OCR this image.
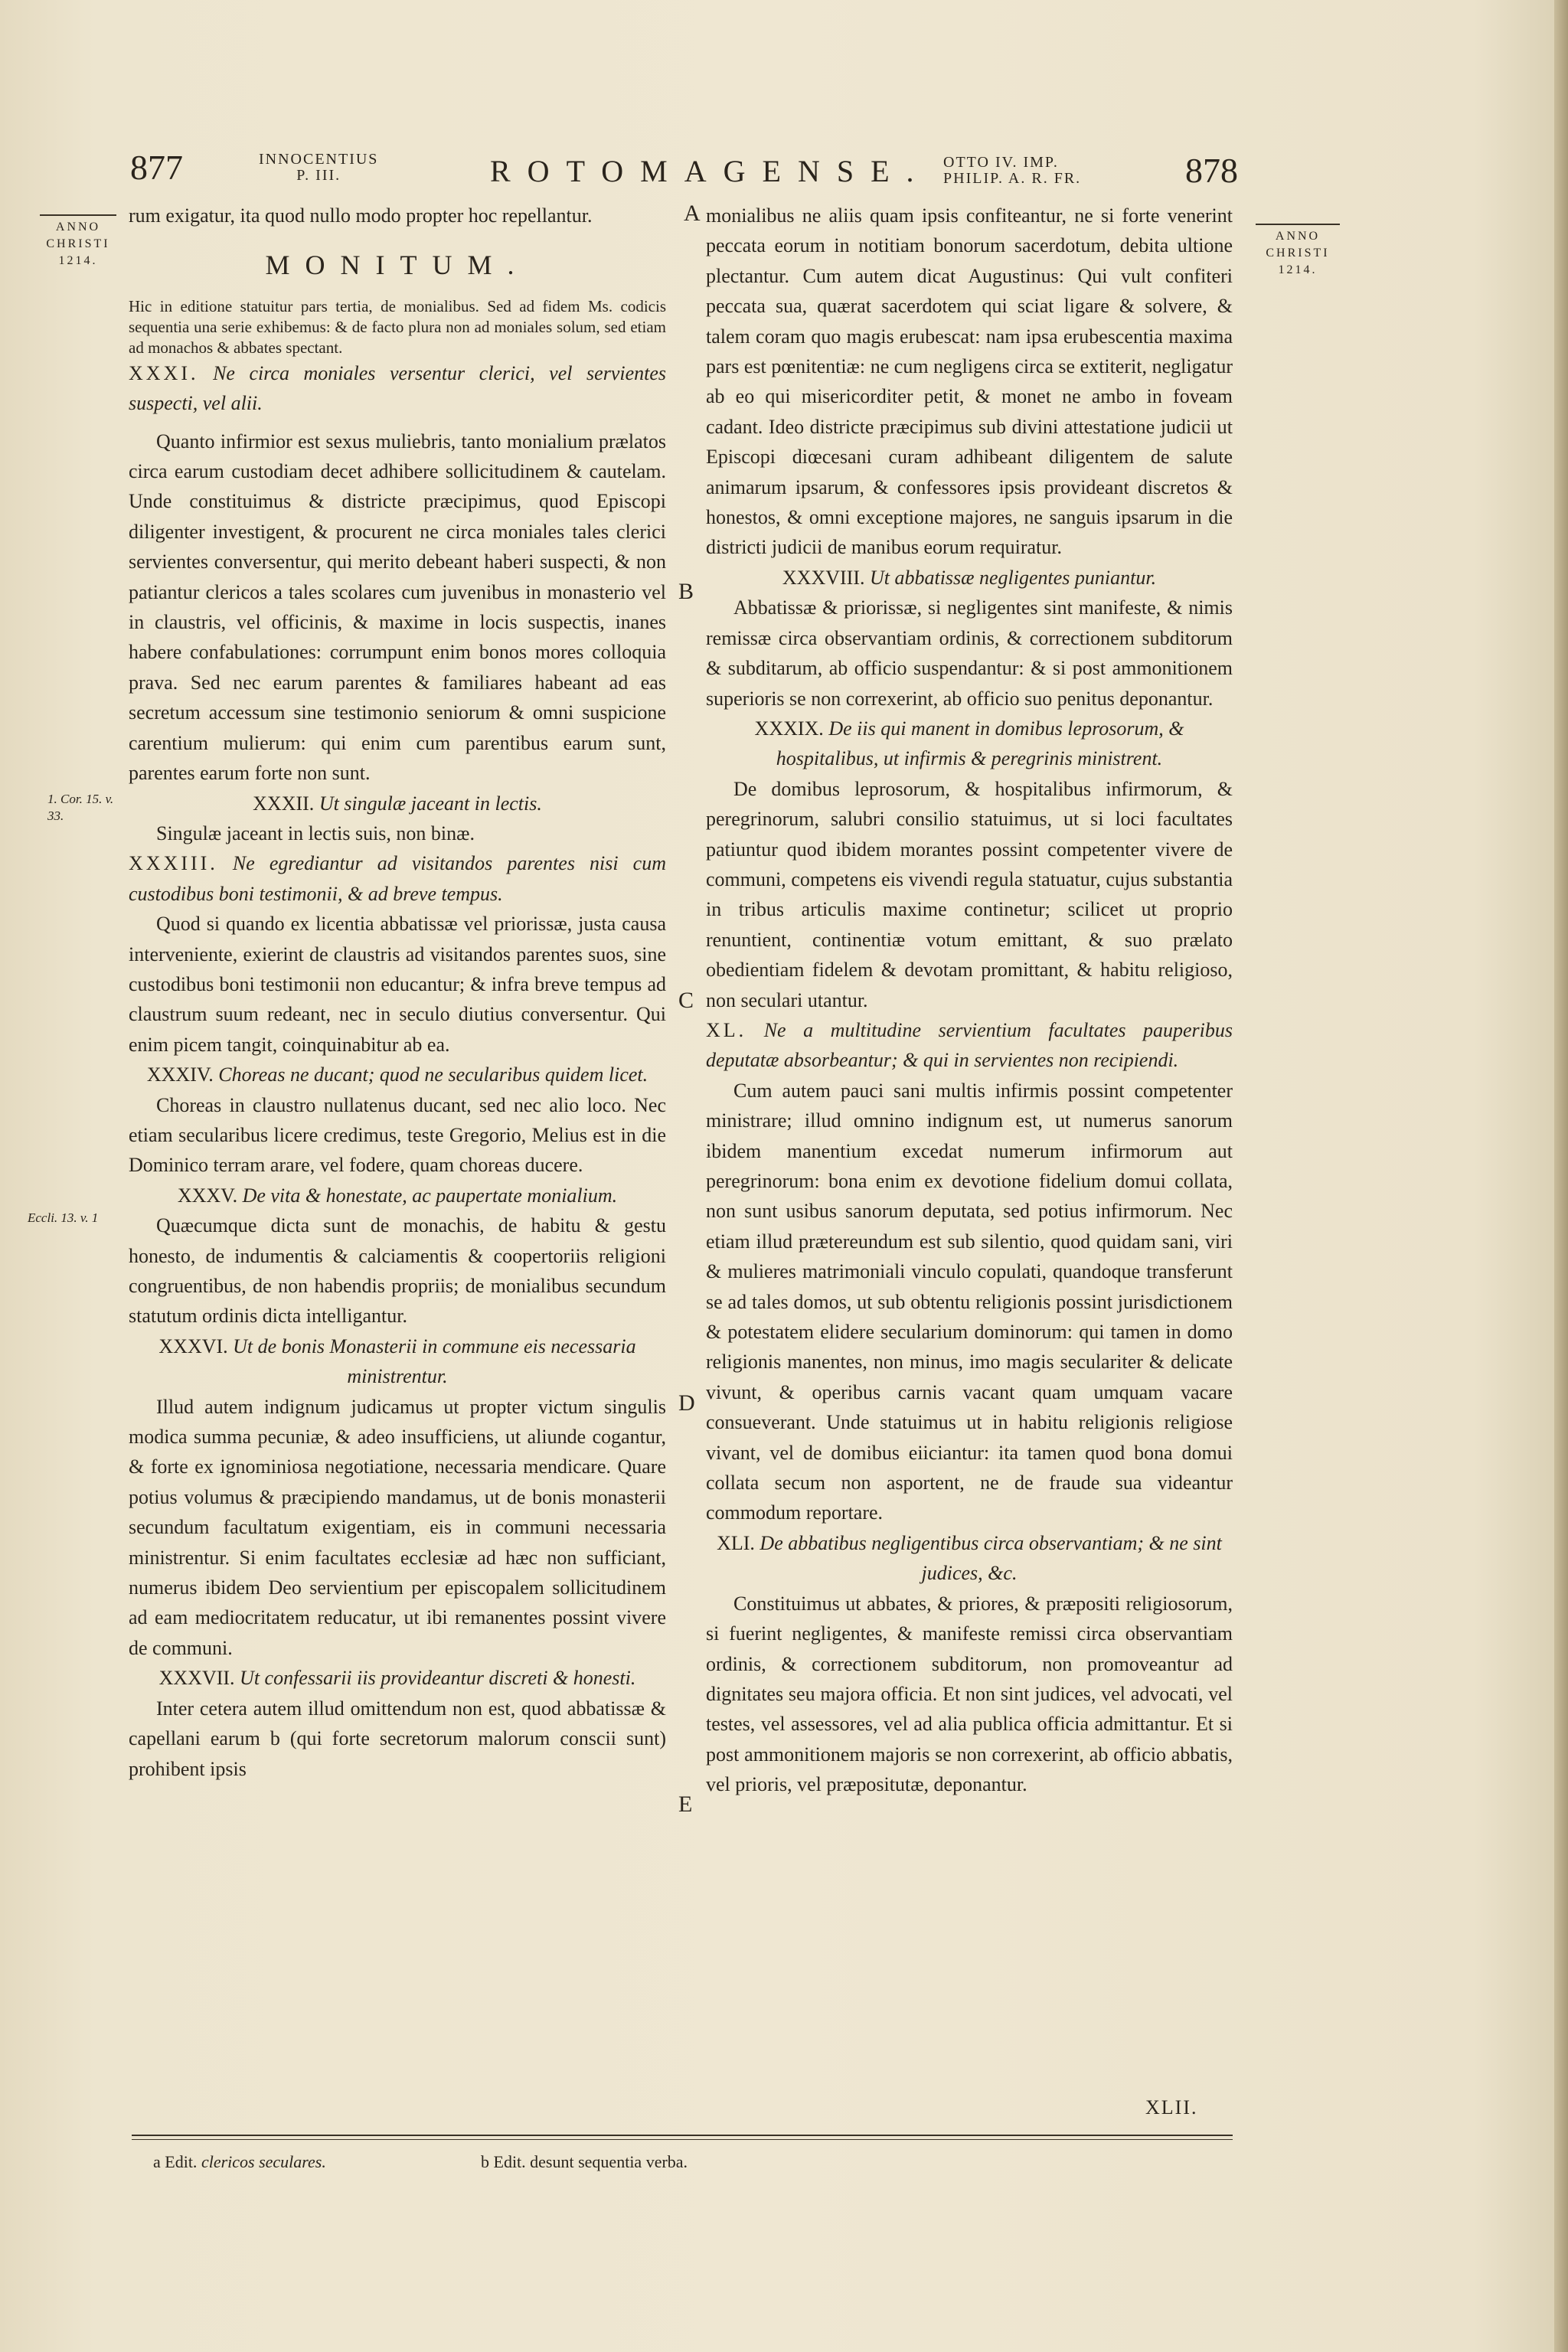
877	INNOCENTIUS
P. III.	ROTOMAGENSE. OTTO IV. IMP.
PHILIP. A. R. FR.	878
ANNO
CHRISTI
1214.
ANNO
CHRISTI
1214.
A
B
C
D
E
1. Cor. 15. v. 33.
Eccli. 13. v. 1

rum exigatur, ita quod nullo modo propter hoc repellantur.

MONITUM.

Hic in editione statuitur pars tertia, de monialibus. Sed ad fidem Ms. codicis sequentia una serie exhibemus: & de facto plura non ad moniales solum, sed etiam ad monachos & abbates spectant.

XXXI. Ne circa moniales versentur clerici, vel servientes suspecti, vel alii.

Quanto infirmior est sexus muliebris, tanto monialium prælatos circa earum custodiam decet adhibere sollicitudinem & cautelam. Unde constituimus & districte præcipimus, quod Episcopi diligenter investigent, & procurent ne circa moniales tales clerici servientes conversentur, qui merito debeant haberi suspecti, & non patiantur clericos a tales scolares cum juvenibus in monasterio vel in claustris, vel officinis, & maxime in locis suspectis, inanes habere confabulationes: corrumpunt enim bonos mores colloquia prava. Sed nec earum parentes & familiares habeant ad eas secretum accessum sine testimonio seniorum & omni suspicione carentium mulierum: qui enim cum parentibus earum sunt, parentes earum forte non sunt.

XXXII. Ut singulæ jaceant in lectis.

Singulæ jaceant in lectis suis, non binæ.

XXXIII. Ne egrediantur ad visitandos parentes nisi cum custodibus boni testimonii, & ad breve tempus.

Quod si quando ex licentia abbatissæ vel priorissæ, justa causa interveniente, exierint de claustris ad visitandos parentes suos, sine custodibus boni testimonii non educantur; & infra breve tempus ad claustrum suum redeant, nec in seculo diutius conversentur. Qui enim picem tangit, coinquinabitur ab ea.

XXXIV. Choreas ne ducant; quod ne secularibus quidem licet.

Choreas in claustro nullatenus ducant, sed nec alio loco. Nec etiam secularibus licere credimus, teste Gregorio, Melius est in die Dominico terram arare, vel fodere, quam choreas ducere.

XXXV. De vita & honestate, ac paupertate monialium.

Quæcumque dicta sunt de monachis, de habitu & gestu honesto, de indumentis & calciamentis & coopertoriis religioni congruentibus, de non habendis propriis; de monialibus secundum statutum ordinis dicta intelligantur.

XXXVI. Ut de bonis Monasterii in commune eis necessaria ministrentur.

Illud autem indignum judicamus ut propter victum singulis modica summa pecuniæ, & adeo insufficiens, ut aliunde cogantur, & forte ex ignominiosa negotiatione, necessaria mendicare. Quare potius volumus & præcipiendo mandamus, ut de bonis monasterii secundum facultatum exigentiam, eis in communi necessaria ministrentur. Si enim facultates ecclesiæ ad hæc non sufficiant, numerus ibidem Deo servientium per episcopalem sollicitudinem ad eam mediocritatem reducatur, ut ibi remanentes possint vivere de communi.

XXXVII. Ut confessarii iis provideantur discreti & honesti.

Inter cetera autem illud omittendum non est, quod abbatissæ & capellani earum b (qui forte secretorum malorum conscii sunt) prohibent ipsis

monialibus ne aliis quam ipsis confiteantur, ne si forte venerint peccata eorum in notitiam bonorum sacerdotum, debita ultione plectantur. Cum autem dicat Augustinus: Qui vult confiteri peccata sua, quærat sacerdotem qui sciat ligare & solvere, & talem coram quo magis erubescat: nam ipsa erubescentia maxima pars est pœnitentiæ: ne cum negligens circa se extiterit, negligatur ab eo qui misericorditer petit, & monet ne ambo in foveam cadant. Ideo districte præcipimus sub divini attestatione judicii ut Episcopi diœcesani curam adhibeant diligentem de salute animarum ipsarum, & confessores ipsis provideant discretos & honestos, & omni exceptione majores, ne sanguis ipsarum in die districti judicii de manibus eorum requiratur.

XXXVIII. Ut abbatissæ negligentes puniantur.

Abbatissæ & priorissæ, si negligentes sint manifeste, & nimis remissæ circa observantiam ordinis, & correctionem subditorum & subditarum, ab officio suspendantur: & si post ammonitionem superioris se non correxerint, ab officio suo penitus deponantur.

XXXIX. De iis qui manent in domibus leprosorum, & hospitalibus, ut infirmis & peregrinis ministrent.

De domibus leprosorum, & hospitalibus infirmorum, & peregrinorum, salubri consilio statuimus, ut si loci facultates patiuntur quod ibidem morantes possint competenter vivere de communi, competens eis vivendi regula statuatur, cujus substantia in tribus articulis maxime continetur; scilicet ut proprio renuntient, continentiæ votum emittant, & suo prælato obedientiam fidelem & devotam promittant, & habitu religioso, non seculari utantur.

XL. Ne a multitudine servientium facultates pauperibus deputatæ absorbeantur; & qui in servientes non recipiendi.

Cum autem pauci sani multis infirmis possint competenter ministrare; illud omnino indignum est, ut numerus sanorum ibidem manentium excedat numerum infirmorum aut peregrinorum: bona enim ex devotione fidelium domui collata, non sunt usibus sanorum deputata, sed potius infirmorum. Nec etiam illud prætereundum est sub silentio, quod quidam sani, viri & mulieres matrimoniali vinculo copulati, quandoque transferunt se ad tales domos, ut sub obtentu religionis possint jurisdictionem & potestatem elidere secularium dominorum: qui tamen in domo religionis manentes, non minus, imo magis seculariter & delicate vivunt, & operibus carnis vacant quam umquam vacare consueverant. Unde statuimus ut in habitu religionis religiose vivant, vel de domibus eiiciantur: ita tamen quod bona domui collata secum non asportent, ne de fraude sua videantur commodum reportare.

XLI. De abbatibus negligentibus circa observantiam; & ne sint judices, &c.

Constituimus ut abbates, & priores, & præpositi religiosorum, si fuerint negligentes, & manifeste remissi circa observantiam ordinis, & correctionem subditorum, non promoveantur ad dignitates seu majora officia. Et non sint judices, vel advocati, vel testes, vel assessores, vel ad alia publica officia admittantur. Et si post ammonitionem majoris se non correxerint, ab officio abbatis, vel prioris, vel præpositutæ, deponantur.

XLII.
a Edit. clericos seculares.	b Edit. desunt sequentia verba.
